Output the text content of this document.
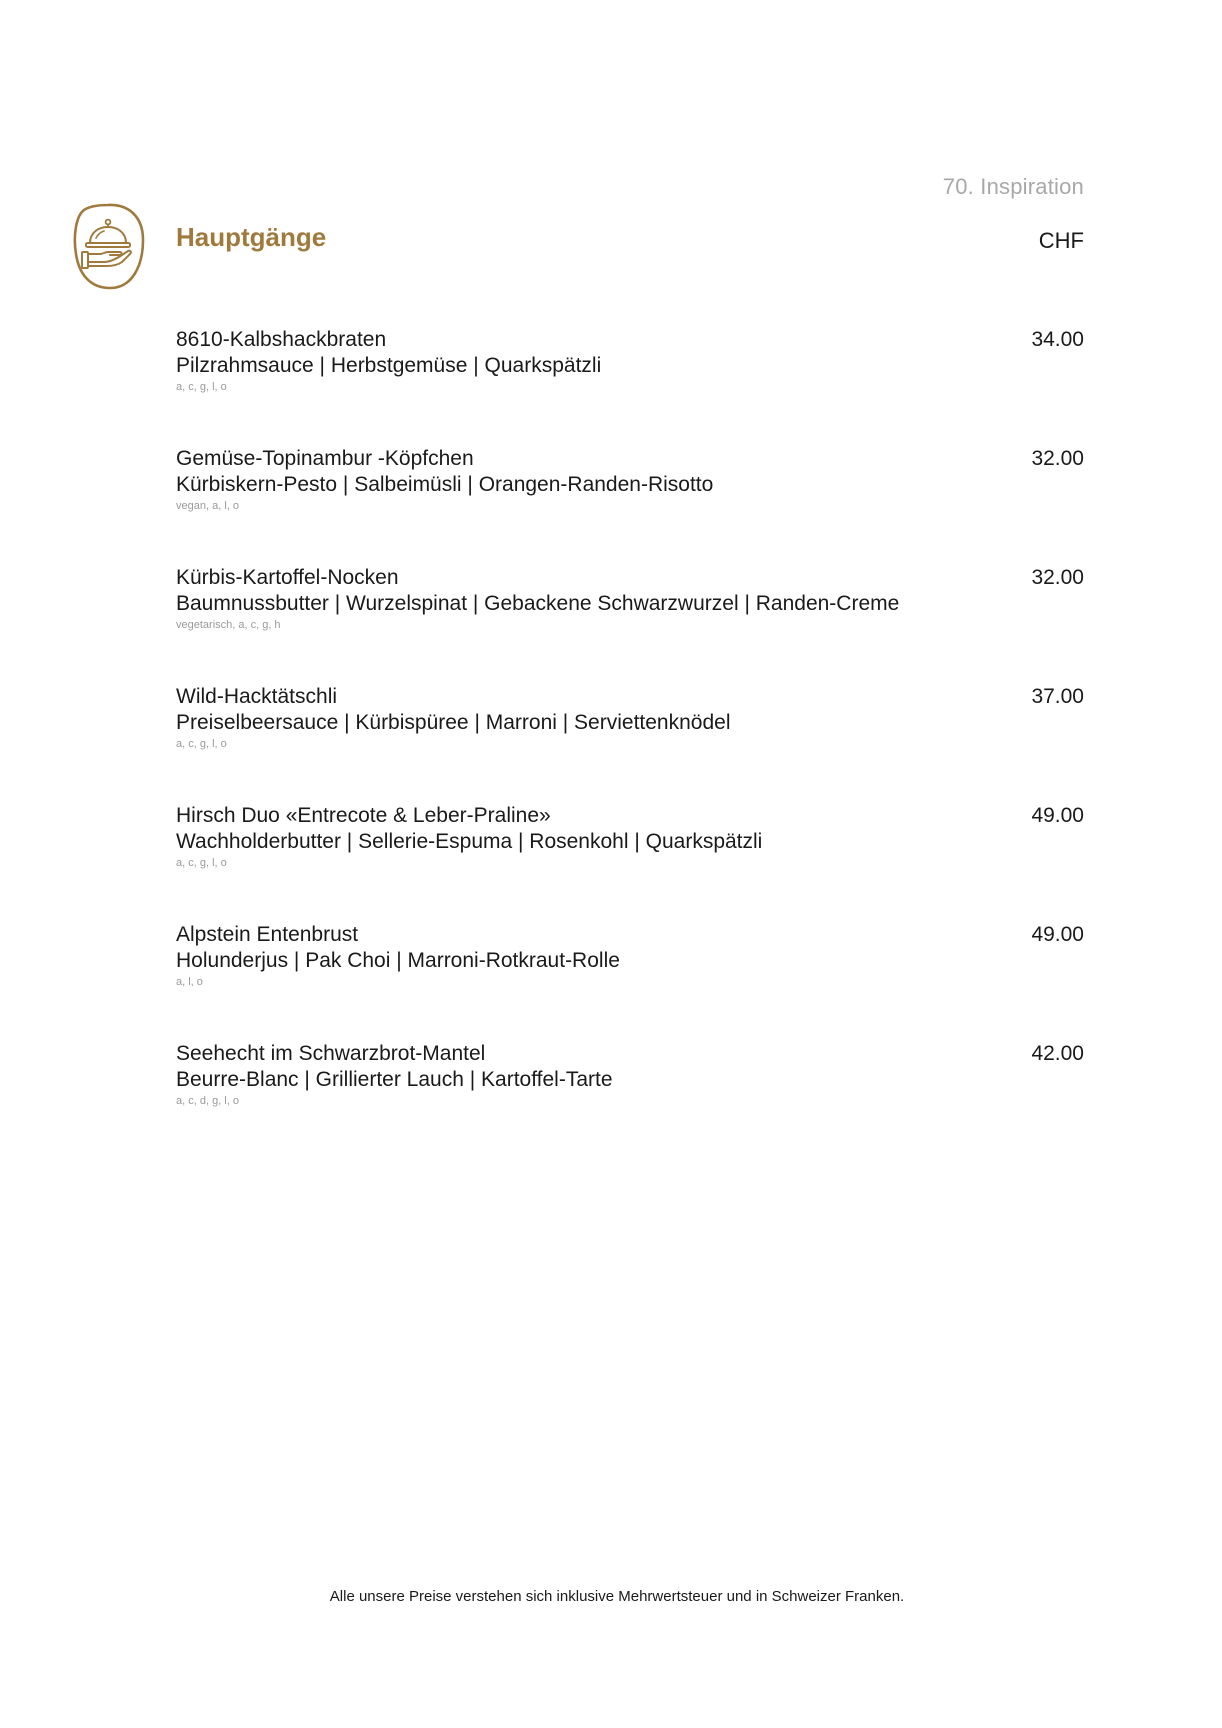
70. Inspiration
Hauptgänge	CHF
8610-Kalbshackbraten
Pilzrahmsauce | Herbstgemüse | Quarkspätzli
a, c, g, l, o
34.00
Gemüse-Topinambur -Köpfchen
Kürbiskern-Pesto | Salbeimüsli | Orangen-Randen-Risotto
vegan, a, l, o
32.00
Kürbis-Kartoffel-Nocken
Baumnussbutter | Wurzelspinat | Gebackene Schwarzwurzel | Randen-Creme
vegetarisch, a, c, g, h
32.00
Wild-Hacktätschli
Preiselbeersauce | Kürbispüree | Marroni | Serviettenknödel
a, c, g, l, o
37.00
Hirsch Duo «Entrecote & Leber-Praline»
Wachholderbutter | Sellerie-Espuma | Rosenkohl | Quarkspätzli
a, c, g, l, o
49.00
Alpstein Entenbrust
Holunderjus | Pak Choi | Marroni-Rotkraut-Rolle
a, l, o
49.00
Seehecht im Schwarzbrot-Mantel
Beurre-Blanc | Grillierter Lauch | Kartoffel-Tarte
a, c, d, g, l, o
42.00
Alle unsere Preise verstehen sich inklusive Mehrwertsteuer und in Schweizer Franken.
